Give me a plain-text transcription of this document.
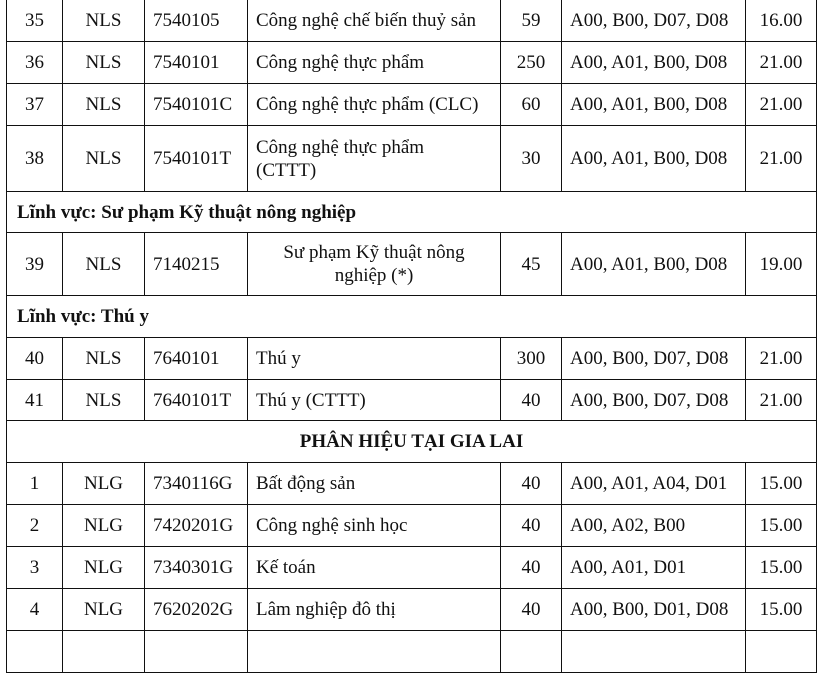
35	NLS	7540105	Công nghệ chế biến thuỷ sản	59	A00, B00, D07, D08	16.00
36	NLS	7540101	Công nghệ thực phẩm	250	A00, A01, B00, D08	21.00
37	NLS	7540101C	Công nghệ thực phẩm (CLC)	60	A00, A01, B00, D08	21.00
38	NLS	7540101T	Công nghệ thực phẩm
(CTTT)	30	A00, A01, B00, D08	21.00
Lĩnh vực: Sư phạm Kỹ thuật nông nghiệp						
39	NLS	7140215	Sư phạm Kỹ thuật nông
nghiệp (*)	45	A00, A01, B00, D08	19.00
Lĩnh vực: Thú y						
40	NLS	7640101	Thú y	300	A00, B00, D07, D08	21.00
41	NLS	7640101T	Thú y (CTTT)	40	A00, B00, D07, D08	21.00
PHÂN HIỆU TẠI GIA LAI						
1	NLG	7340116G	Bất động sản	40	A00, A01, A04, D01	15.00
2	NLG	7420201G	Công nghệ sinh học	40	A00, A02, B00	15.00
3	NLG	7340301G	Kế toán	40	A00, A01, D01	15.00
4	NLG	7620202G	Lâm nghiệp đô thị	40	A00, B00, D01, D08	15.00
